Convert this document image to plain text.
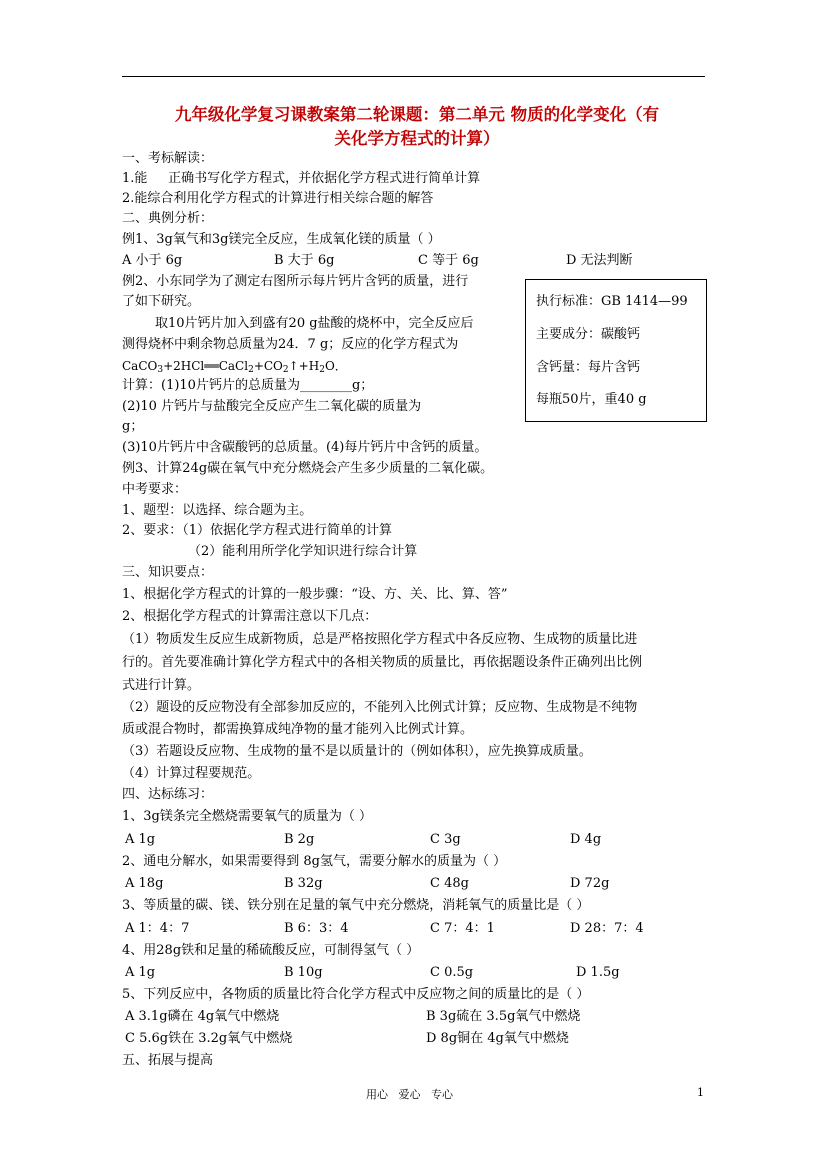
九年级化学复习课教案第二轮课题：第二单元 物质的化学变化（有
关化学方程式的计算）
一、考标解读：
1.能     正确书写化学方程式，并依据化学方程式进行简单计算
2.能综合利用化学方程式的计算进行相关综合题的解答
二、典例分析：
例1、3g氧气和3g镁完全反应，生成氧化镁的质量（ ）
A 小于 6g	B 大于 6g	C 等于 6g	D 无法判断
例2、小东同学为了测定右图所示每片钙片含钙的质量，进行
了如下研究。
取10片钙片加入到盛有20 g盐酸的烧杯中，完全反应后
测得烧杯中剩余物总质量为24．7 g；反应的化学方程式为
$CaCO_3+2HCl══CaCl_2+CO_2↑+H_2O$．
计算：(1)10片钙片的总质量为________g；
(2)10 片钙片与盐酸完全反应产生二氧化碳的质量为
g；
(3)10片钙片中含碳酸钙的总质量。(4)每片钙片中含钙的质量。
例3、计算24g碳在氧气中充分燃烧会产生多少质量的二氧化碳。
执行标准：GB 1414—99
主要成分：碳酸钙
含钙量：每片含钙
每瓶50片，重40 g
中考要求：
1、题型：以选择、综合题为主。
2、要求：（1）依据化学方程式进行简单的计算
（2）能利用所学化学知识进行综合计算
三、知识要点：
1、根据化学方程式的计算的一般步骤：“设、方、关、比、算、答”
2、根据化学方程式的计算需注意以下几点：
（1）物质发生反应生成新物质，总是严格按照化学方程式中各反应物、生成物的质量比进
行的。首先要准确计算化学方程式中的各相关物质的质量比，再依据题设条件正确列出比例
式进行计算。
（2）题设的反应物没有全部参加反应的，不能列入比例式计算；反应物、生成物是不纯物
质或混合物时，都需换算成纯净物的量才能列入比例式计算。
（3）若题设反应物、生成物的量不是以质量计的（例如体积），应先换算成质量。
（4）计算过程要规范。
四、达标练习：
1、3g镁条完全燃烧需要氧气的质量为（ ）
A 1g	B 2g	C 3g	D 4g
2、通电分解水，如果需要得到 8g氢气，需要分解水的质量为（ ）
A 18g	B 32g	C 48g	D 72g
3、等质量的碳、镁、铁分别在足量的氧气中充分燃烧，消耗氧气的质量比是（ ）
A 1：4：7	B 6：3：4	C 7：4：1	D 28：7：4
4、用28g铁和足量的稀硫酸反应，可制得氢气（ ）
A 1g	B 10g	C 0.5g	D 1.5g
5、下列反应中，各物质的质量比符合化学方程式中反应物之间的质量比的是（ ）
A 3.1g磷在 4g氧气中燃烧	B 3g硫在 3.5g氧气中燃烧
C 5.6g铁在 3.2g氧气中燃烧	D 8g铜在 4g氧气中燃烧
五、拓展与提高
用心   爱心   专心	1
